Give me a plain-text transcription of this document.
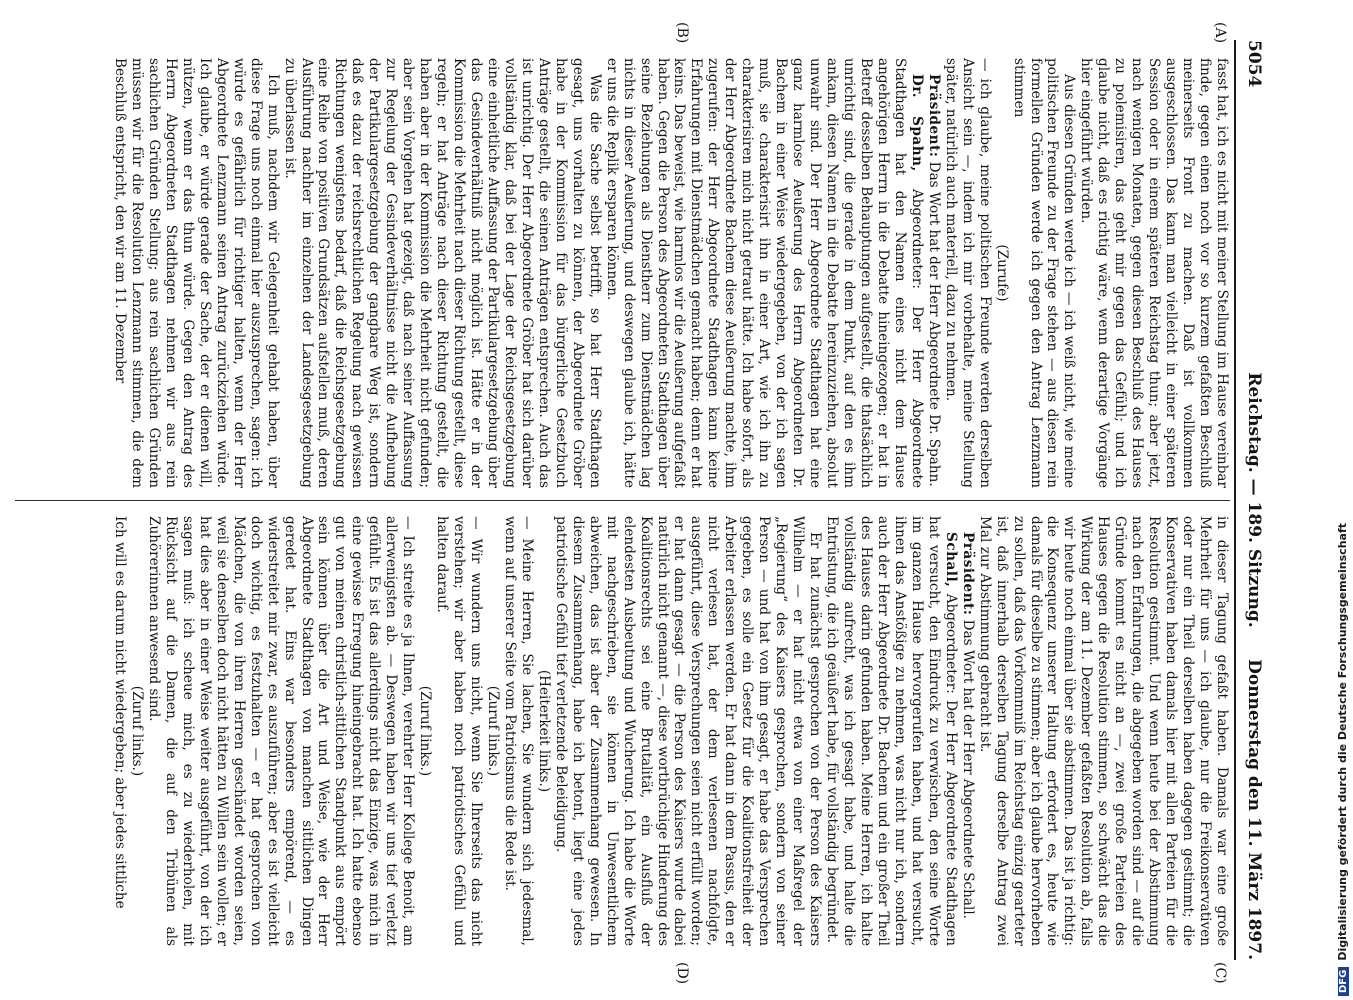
5054
Reichstag. — 189. Sitzung.
Donnerstag den 11. März 1897.
(A)
(B)
(C)
(D)

fasst hat, ich es nicht mit meiner Stellung im Hause vereinbar finde, gegen einen noch vor so kurzem gefaßten Beschluß meinerseits Front zu machen. Daß ist vollkommen ausgeschlossen. Das kann man vielleicht in einer späteren Session oder in einem späteren Reichstag thun; aber jetzt, nach wenigen Monaten, gegen diesen Beschluß des Hauses zu polemisiren, das geht mir gegen das Gefühl; und ich glaube nicht, daß es richtig wäre, wenn derartige Vorgänge hier eingeführt würden.

Aus diesen Gründen werde ich — ich weiß nicht, wie meine politischen Freunde zu der Frage stehen — aus diesen rein formellen Gründen werde ich gegen den Antrag Lenzmann stimmen

(Zurufe)

— ich glaube, meine politischen Freunde werden derselben Ansicht sein —, indem ich mir vorbehalte, meine Stellung später, natürlich auch materiell, dazu zu nehmen.

Präsident: Das Wort hat der Herr Abgeordnete Dr. Spahn.

Dr. Spahn, Abgeordneter: Der Herr Abgeordnete Stadthagen hat den Namen eines nicht dem Hause angehörigen Herrn in die Debatte hineingezogen; er hat in Betreff desselben Behauptungen aufgestellt, die thatsächlich unrichtig sind, die gerade in dem Punkt, auf den es ihm ankam, diesen Namen in die Debatte hereinzuziehen, absolut unwahr sind. Der Herr Abgeordnete Stadthagen hat eine ganz harmlose Aeußerung des Herrn Abgeordneten Dr. Bachem in einer Weise wiedergegeben, von der ich sagen muß, sie charakterisirt ihn in einer Art, wie ich ihn zu charakterisiren mich nicht getraut hätte. Ich habe sofort, als der Herr Abgeordnete Bachem diese Aeußerung machte, ihm zugerufen: der Herr Abgeordnete Stadthagen kann keine Erfahrungen mit Dienstmädchen gemacht haben; denn er hat keins. Das beweist, wie harmlos wir die Aeußerung aufgefaßt haben. Gegen die Person des Abgeordneten Stadthagen über seine Beziehungen als Dienstherr zum Dienstmädchen lag nichts in dieser Aeußerung, und deswegen glaube ich, hätte er uns die Replik ersparen können.

Was die Sache selbst betrifft, so hat Herr Stadthagen gesagt, uns vorhalten zu können, der Abgeordnete Gröber habe in der Kommission für das bürgerliche Gesetzbuch Anträge gestellt, die seinen Anträgen entsprechen. Auch das ist unrichtig. Der Herr Abgeordnete Gröber hat sich darüber vollständig klar, daß bei der Lage der Reichsgesetzgebung eine einheitliche Auffassung der Partikulargesetzgebung über das Gesindeverhältniß nicht möglich ist. Hätte er in der Kommission die Mehrheit nach dieser Richtung gestellt, diese regeln; er hat Anträge nach dieser Richtung gestellt, die haben aber in der Kommission die Mehrheit nicht gefunden; aber sein Vorgehen hat gezeigt, daß nach seiner Auffassung zur Regelung der Gesindeverhältnisse nicht die Aufhebung der Partikulargesetzgebung der gangbare Weg ist, sondern daß es dazu der reichsrechtlichen Regelung nach gewissen Richtungen wenigstens bedarf, daß die Reichsgesetzgebung eine Reihe von positiven Grundsätzen aufstellen muß, deren Ausführung nachher im einzelnen der Landesgesetzgebung zu überlassen ist.

Ich muß, nachdem wir Gelegenheit gehabt haben, über diese Frage uns noch einmal hier auszusprechen, sagen: ich würde es gefährlich für richtiger halten, wenn der Herr Abgeordnete Lenzmann seinen Antrag zurückziehen würde. Ich glaube, er würde gerade der Sache, der er dienen will, nützen, wenn er das thun würde. Gegen den Antrag des Herrn Abgeordneten Stadthagen nehmen wir aus rein sachlichen Gründen Stellung; aus rein sachlichen Gründen müssen wir für die Resolution Lenzmann stimmen, die dem Beschluß entspricht, den wir am 11. Dezember

in dieser Tagung gefaßt haben. Damals war eine große Mehrheit für uns — ich glaube, nur die Freikonservativen oder nur ein Theil derselben haben dagegen gestimmt; die Konservativen haben damals hier mit allen Parteien für die Resolution gestimmt. Und wenn heute bei der Abstimmung nach den Erfahrungen, die abgegeben worden sind — auf die Gründe kommt es nicht an —, zwei große Parteien des Hauses gegen die Resolution stimmen, so schwächt das die Wirkung der am 11. Dezember gefaßten Resolution ab, falls wir heute noch einmal über sie abstimmen. Das ist ja richtig: die Konsequenz unserer Haltung erfordert es, heute wie damals für dieselbe zu stimmen; aber ich glaube hervorheben zu sollen, daß das Vorkommniß im Reichstag einzig gearteter ist, daß innerhalb derselben Tagung derselbe Antrag zwei Mal zur Abstimmung gebracht ist.

Präsident: Das Wort hat der Herr Abgeordnete Schall.

Schall, Abgeordneter: Der Herr Abgeordnete Stadthagen hat versucht, den Eindruck zu verwischen, den seine Worte im ganzen Hause hervorgerufen haben, und hat versucht, ihnen das Anstößige zu nehmen, was nicht nur ich, sondern auch der Herr Abgeordnete Dr. Bachem und ein großer Theil des Hauses darin gefunden haben. Meine Herren, ich halte vollständig aufrecht, was ich gesagt habe, und halte die Entrüstung, die ich geäußert habe, für vollständig begründet.

Er hat zunächst gesprochen von der Person des Kaisers Wilhelm — er hat nicht etwa von einer Maßregel der „Regierung“ des Kaisers gesprochen, sondern von seiner Person — und hat von ihm gesagt, er habe das Versprechen gegeben, es solle ein Gesetz für die Koalitionsfreiheit der Arbeiter erlassen werden. Er hat dann in dem Passus, den er nicht verlesen hat, der dem verlesenen nachfolgte, ausgeführt, diese Versprechungen seien nicht erfüllt worden; er hat dann gesagt — die Person des Kaisers wurde dabei natürlich nicht genannt —, diese wortbrüchige Hinderung des Koalitionsrechts sei eine Brutalität, ein Ausfluß der elendesten Ausbeutung und Wucherung. Ich habe die Worte mit nachgeschrieben, sie können in Unwesentlichem abweichen, das ist aber der Zusammenhang gewesen. In diesem Zusammenhang, habe ich betont, liegt eine jedes patriotische Gefühl tief verletzende Beleidigung.

(Heiterkeit links.)

— Meine Herren, Sie lachen, Sie wundern sich jedesmal, wenn auf unserer Seite vom Patriotismus die Rede ist.

(Zuruf links.)

— Wir wundern uns nicht, wenn Sie Ihrerseits das nicht verstehen; wir aber haben noch patriotisches Gefühl und halten darauf.

(Zuruf links.)

— Ich streite es ja Ihnen, verehrter Herr Kollege Benoit, am allerwenigsten ab. — Deswegen haben wir uns tief verletzt gefühlt. Es ist das allerdings nicht das Einzige, was mich in eine gewisse Erregung hineingebracht hat. Ich hatte ebenso gut von meinen christlich-sittlichen Standpunkt aus empört sein können über die Art und Weise, wie der Herr Abgeordnete Stadthagen von manchen sittlichen Dingen geredet hat. Eins war besonders empörend, — es widerstreitet mir zwar, es auszuführen; aber es ist vielleicht doch wichtig, es festzuhalten — er hat gesprochen von Mädchen, die von ihren Herren geschändet worden seien, weil sie denselben doch nicht hätten zu Willen sein wollen; er hat dies aber in einer Weise weiter ausgeführt, von der ich sagen muß: ich scheue mich, es zu wiederholen, mit Rücksicht auf die Damen, die auf den Tribünen als Zuhörerinnen anwesend sind.

(Zuruf links.)

Ich will es darum nicht wiedergeben; aber jedes sittliche

DFGDigitalisierung gefördert durch die Deutsche Forschungsgemeinschaft
